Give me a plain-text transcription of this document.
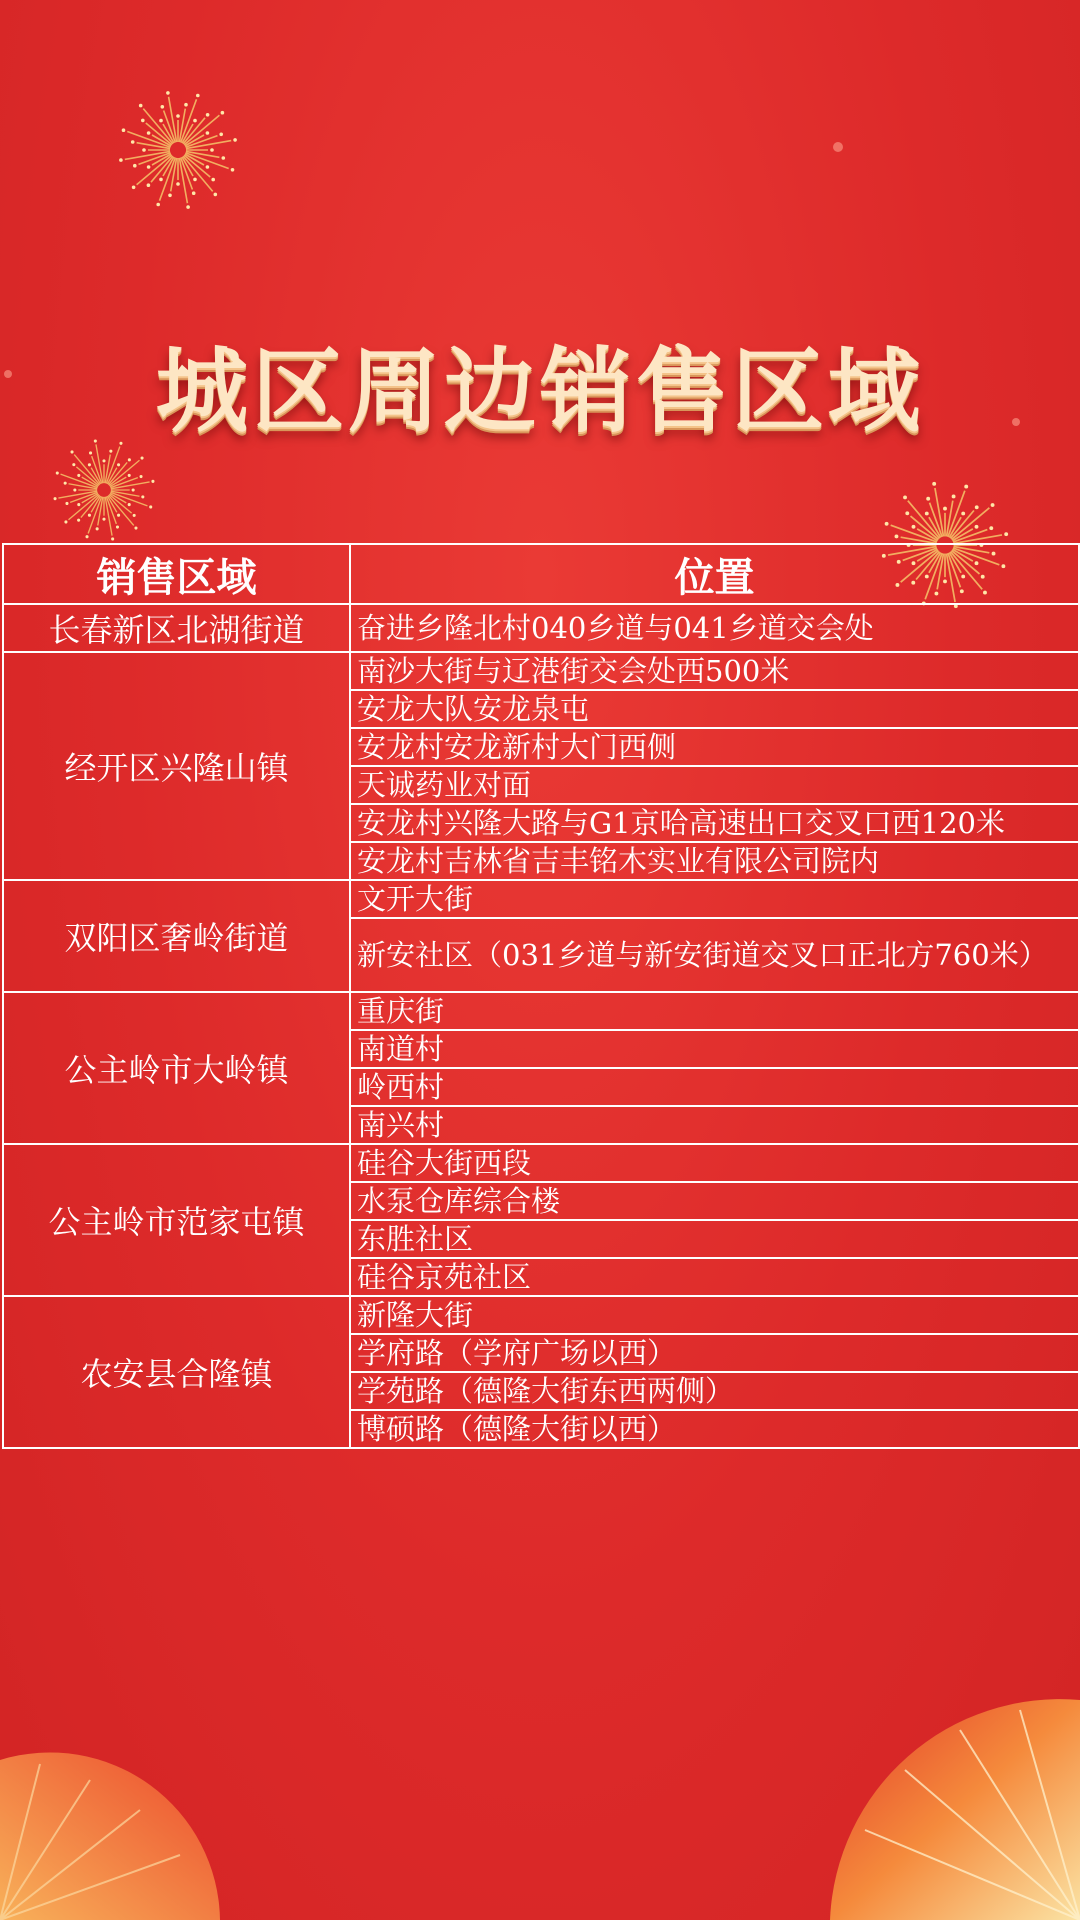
城区周边销售区域
销售区域	位置
长春新区北湖街道	奋进乡隆北村040乡道与041乡道交会处
经开区兴隆山镇	南沙大街与辽港街交会处西500米
	安龙大队安龙泉屯
	安龙村安龙新村大门西侧
	天诚药业对面
	安龙村兴隆大路与G1京哈高速出口交叉口西120米
	安龙村吉林省吉丰铭木实业有限公司院内
双阳区奢岭街道	文开大街
	新安社区（031乡道与新安街道交叉口正北方760米）
公主岭市大岭镇	重庆街
	南道村
	岭西村
	南兴村
公主岭市范家屯镇	硅谷大街西段
	水泵仓库综合楼
	东胜社区
	硅谷京苑社区
农安县合隆镇	新隆大街
	学府路（学府广场以西）
	学苑路（德隆大街东西两侧）
	博硕路（德隆大街以西）
